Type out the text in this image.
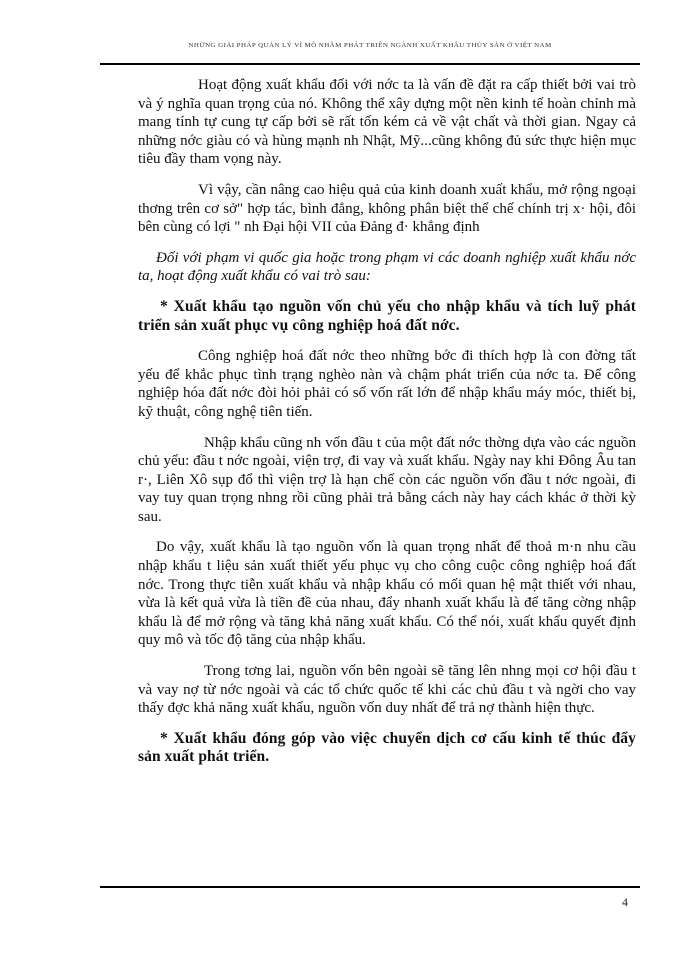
NHỮNG GIẢI PHÁP QUẢN LÝ VĨ MÔ NHẰM PHÁT TRIỂN NGÀNH XUẤT KHẨU THỦY SẢN Ở VIỆT NAM

Hoạt động xuất khẩu đối với nớc ta là vấn đề đặt ra cấp thiết bởi vai trò và ý nghĩa quan trọng của nó. Không thể xây dựng một nền kinh tế hoàn chỉnh mà mang tính tự cung tự cấp bởi sẽ rất tốn kém cả về vật chất và thời gian. Ngay cả những nớc giàu có và hùng mạnh nh Nhật, Mỹ...cũng không đủ sức thực hiện mục tiêu đầy tham vọng này.

Vì vậy, cần nâng cao hiệu quả của kinh doanh xuất khẩu, mở rộng ngoại thơng trên cơ sở" hợp tác, bình đẳng, không phân biệt thể chế chính trị x· hội, đôi bên cùng có lợi " nh Đại hội VII của Đảng đ· khẳng định

Đối với phạm vi quốc gia hoặc trong phạm vi các doanh nghiệp xuất khẩu nớc ta, hoạt động xuất khẩu có vai trò sau:

* Xuất khẩu tạo nguồn vốn chủ yếu cho nhập khẩu và tích luỹ phát triển sản xuất phục vụ công nghiệp hoá đất nớc.

Công nghiệp hoá đất nớc theo những bớc đi thích hợp là con đờng tất yếu để khắc phục tình trạng nghèo nàn và chậm phát triển của nớc ta. Để công nghiệp hóa đất nớc đòi hỏi phải có số vốn rất lớn để nhập khẩu máy móc, thiết bị, kỹ thuật, công nghệ tiên tiến.

Nhập khẩu cũng nh vốn đầu t của một đất nớc thờng dựa vào các nguồn chủ yếu: đầu t nớc ngoài, viện trợ, đi vay và xuất khẩu. Ngày nay khi Đông Âu tan r·, Liên Xô sụp đổ thì viện trợ là hạn chế còn các nguồn vốn đầu t nớc ngoài, đi vay tuy quan trọng nhng rồi cũng phải trả bằng cách này hay cách khác ở thời kỳ sau.

Do vậy, xuất khẩu là tạo nguồn vốn là quan trọng nhất để thoả m·n nhu cầu nhập khẩu t liệu sản xuất thiết yếu phục vụ cho công cuộc công nghiệp hoá đất nớc. Trong thực tiễn xuất khẩu và nhập khẩu có mối quan hệ mật thiết với nhau, vừa là kết quả vừa là tiền đề của nhau, đẩy nhanh xuất khẩu là để tăng cờng nhập khẩu là để mở rộng và tăng khả năng xuất khẩu. Có thể nói, xuất khẩu quyết định quy mô và tốc độ tăng của nhập khẩu.

Trong tơng lai, nguồn vốn bên ngoài sẽ tăng lên nhng mọi cơ hội đầu t và vay nợ từ nớc ngoài và các tổ chức quốc tế khi các chủ đầu t và ngời cho vay thấy đợc khả năng xuất khẩu, nguồn vốn duy nhất để trả nợ thành hiện thực.

* Xuất khẩu đóng góp vào việc chuyển dịch cơ cấu kinh tế thúc đẩy sản xuất phát triển.

4
